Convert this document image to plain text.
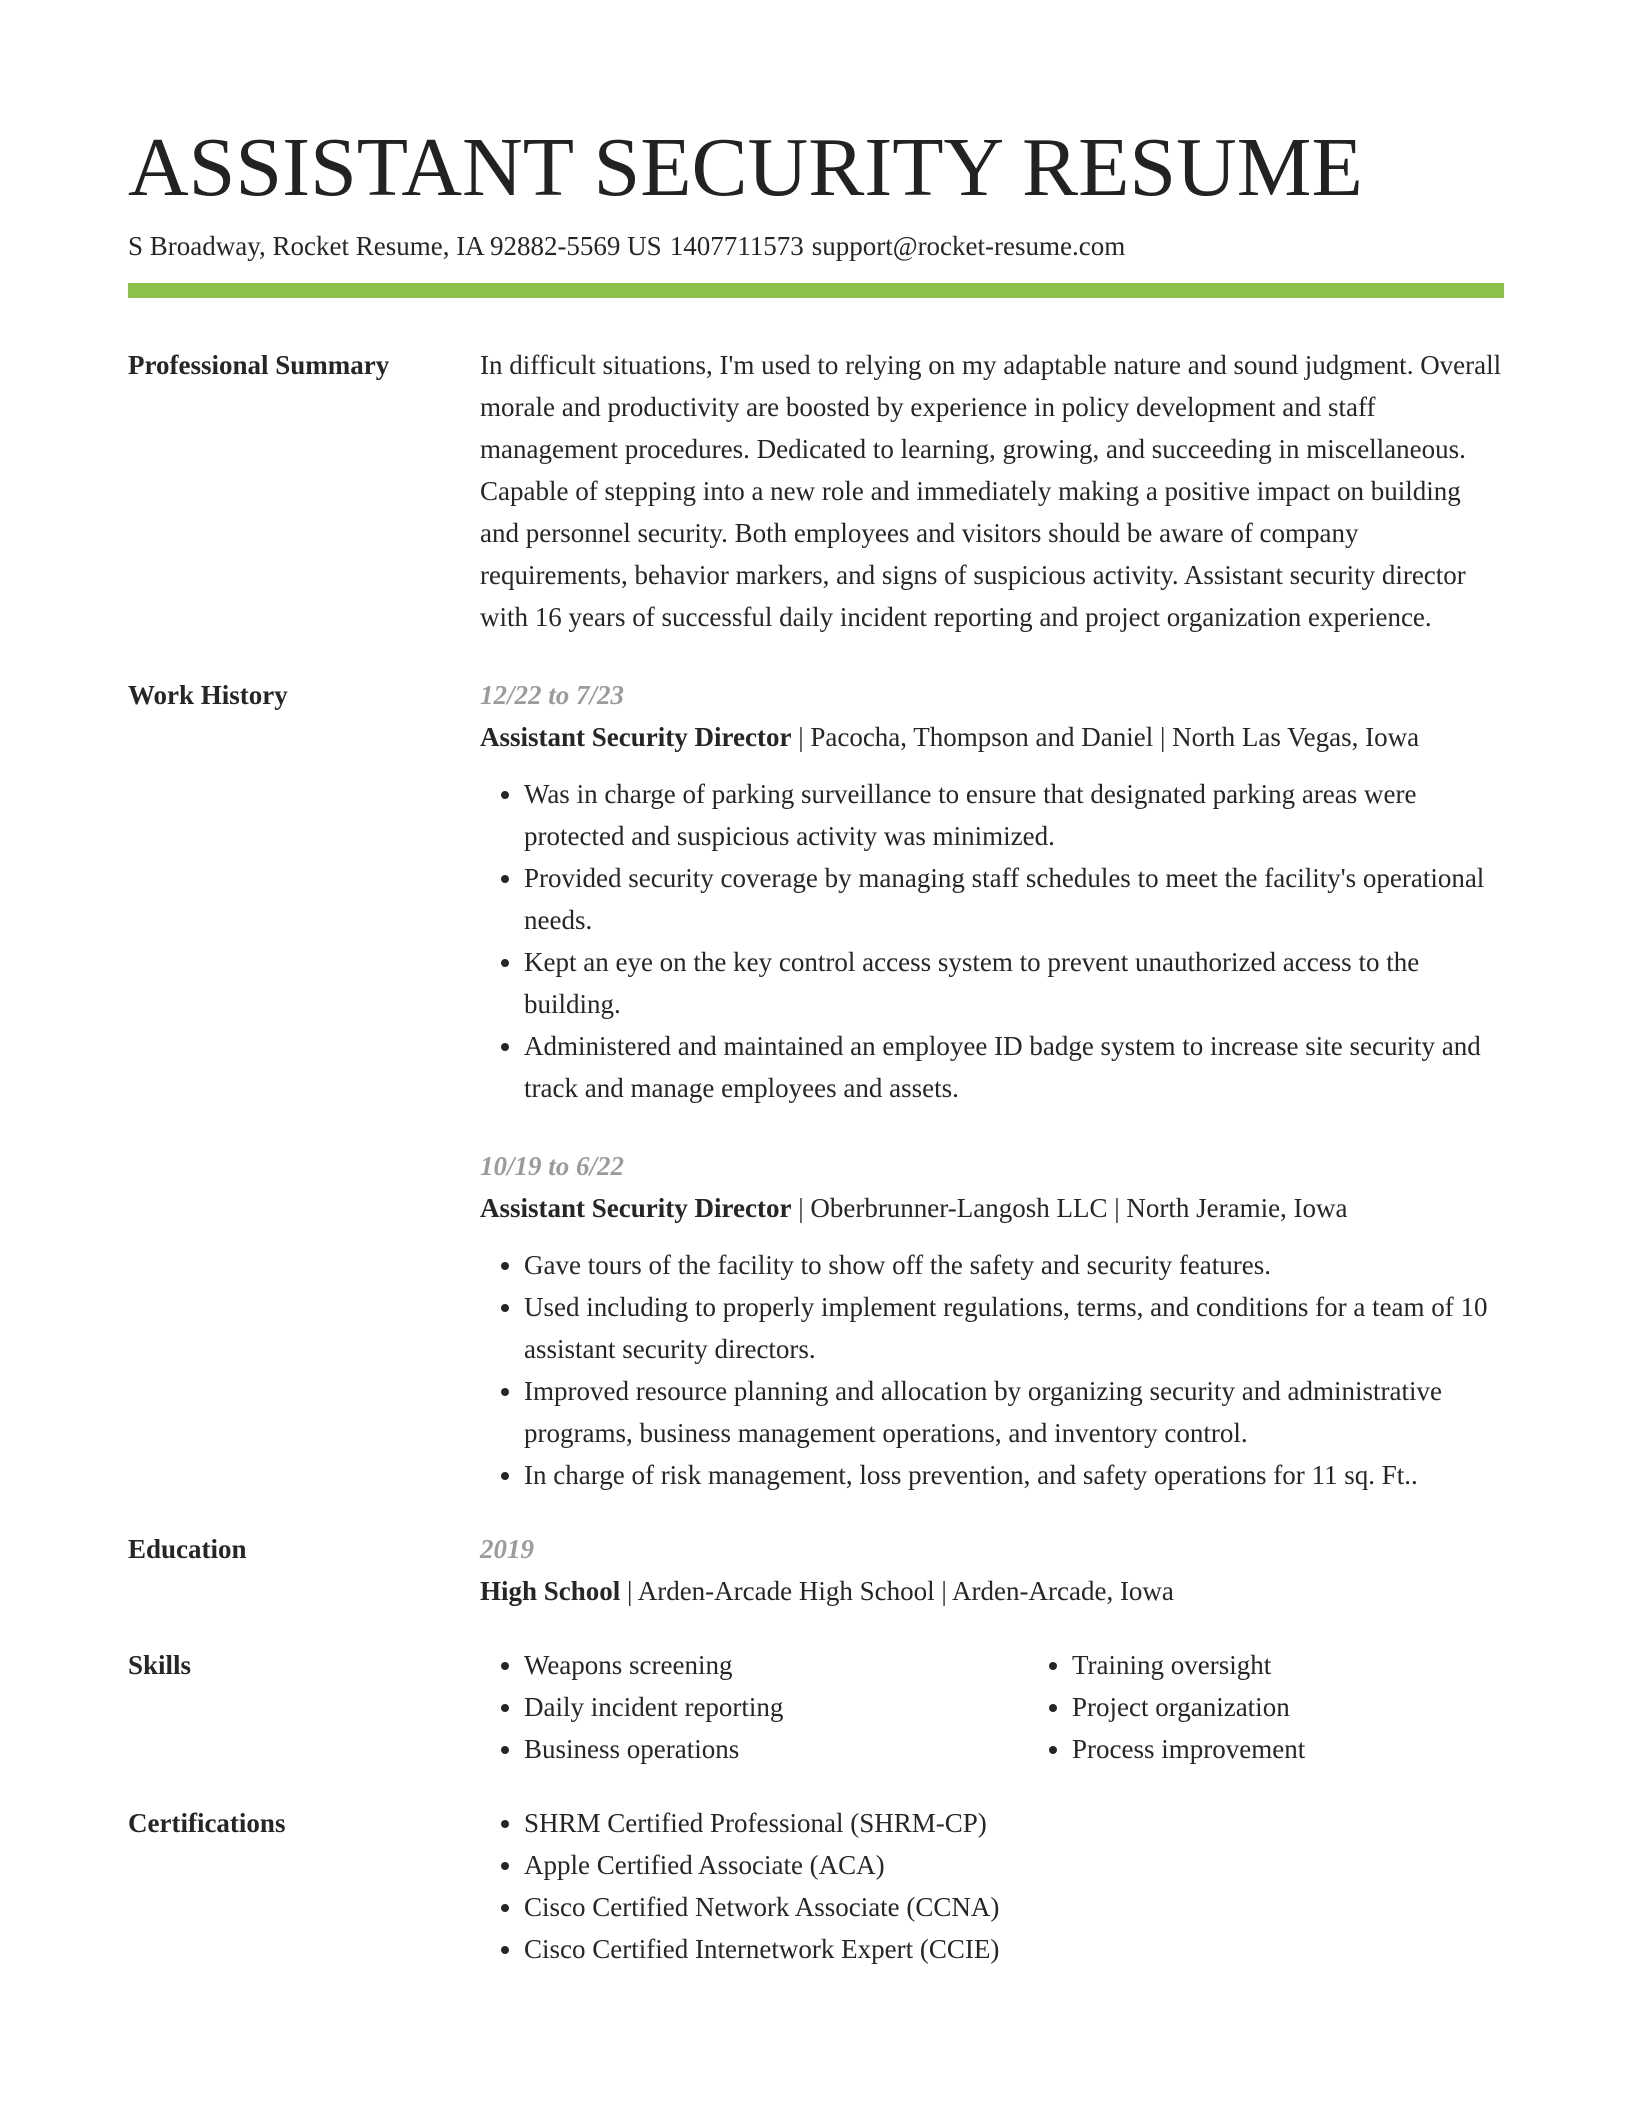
ASSISTANT SECURITY RESUME
S Broadway, Rocket Resume, IA 92882-5569 US 1407711573 support@rocket-resume.com
Professional Summary	In difficult situations, I'm used to relying on my adaptable nature and sound judgment. Overall morale and productivity are boosted by experience in policy development and staff management procedures. Dedicated to learning, growing, and succeeding in miscellaneous. Capable of stepping into a new role and immediately making a positive impact on building and personnel security. Both employees and visitors should be aware of company requirements, behavior markers, and signs of suspicious activity. Assistant security director with 16 years of successful daily incident reporting and project organization experience.

Work History	12/22 to 7/23
Assistant Security Director | Pacocha, Thompson and Daniel | North Las Vegas, Iowa
• Was in charge of parking surveillance to ensure that designated parking areas were protected and suspicious activity was minimized.
• Provided security coverage by managing staff schedules to meet the facility's operational needs.
• Kept an eye on the key control access system to prevent unauthorized access to the building.
• Administered and maintained an employee ID badge system to increase site security and track and manage employees and assets.
10/19 to 6/22
Assistant Security Director | Oberbrunner-Langosh LLC | North Jeramie, Iowa
• Gave tours of the facility to show off the safety and security features.
• Used including to properly implement regulations, terms, and conditions for a team of 10 assistant security directors.
• Improved resource planning and allocation by organizing security and administrative programs, business management operations, and inventory control.
• In charge of risk management, loss prevention, and safety operations for 11 sq. Ft..
Education	2019
High School | Arden-Arcade High School | Arden-Arcade, Iowa
Skills	• Weapons screening
• Daily incident reporting
• Business operations
• Training oversight
• Project organization
• Process improvement
Certifications	• SHRM Certified Professional (SHRM-CP)
• Apple Certified Associate (ACA)
• Cisco Certified Network Associate (CCNA)
• Cisco Certified Internetwork Expert (CCIE)
